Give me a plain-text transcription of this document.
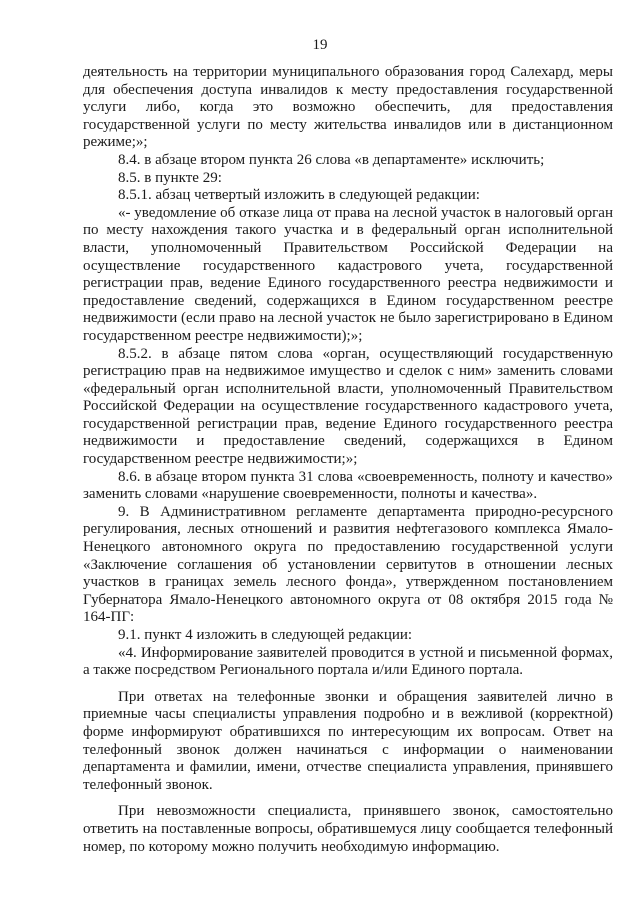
19

деятельность на территории муниципального образования город Салехард, меры для обеспечения доступа инвалидов к месту предоставления государственной услуги либо, когда это возможно обеспечить, для предоставления государственной услуги по месту жительства инвалидов или в дистанционном режиме;»;

8.4. в абзаце втором пункта 26 слова «в департаменте» исключить;

8.5. в пункте 29:

8.5.1. абзац четвертый изложить в следующей редакции:

«- уведомление об отказе лица от права на лесной участок в налоговый орган по месту нахождения такого участка и в федеральный орган исполнительной власти, уполномоченный Правительством Российской Федерации на осуществление государственного кадастрового учета, государственной регистрации прав, ведение Единого государственного реестра недвижимости и предоставление сведений, содержащихся в Едином государственном реестре недвижимости (если право на лесной участок не было зарегистрировано в Едином государственном реестре недвижимости);»;

8.5.2. в абзаце пятом слова «орган, осуществляющий государственную регистрацию прав на недвижимое имущество и сделок с ним» заменить словами «федеральный орган исполнительной власти, уполномоченный Правительством Российской Федерации на осуществление государственного кадастрового учета, государственной регистрации прав, ведение Единого государственного реестра недвижимости и предоставление сведений, содержащихся в Едином государственном реестре недвижимости;»;

8.6. в абзаце втором пункта 31 слова «своевременность, полноту и качество» заменить словами «нарушение своевременности, полноты и качества».

9. В Административном регламенте департамента природно-ресурсного регулирования, лесных отношений и развития нефтегазового комплекса Ямало-Ненецкого автономного округа по предоставлению государственной услуги «Заключение соглашения об установлении сервитутов в отношении лесных участков в границах земель лесного фонда», утвержденном постановлением Губернатора Ямало-Ненецкого автономного округа от 08 октября 2015 года № 164-ПГ:

9.1. пункт 4 изложить в следующей редакции:

«4. Информирование заявителей проводится в устной и письменной формах, а также посредством Регионального портала и/или Единого портала.

При ответах на телефонные звонки и обращения заявителей лично в приемные часы специалисты управления подробно и в вежливой (корректной) форме информируют обратившихся по интересующим их вопросам. Ответ на телефонный звонок должен начинаться с информации о наименовании департамента и фамилии, имени, отчестве специалиста управления, принявшего телефонный звонок.

При невозможности специалиста, принявшего звонок, самостоятельно ответить на поставленные вопросы, обратившемуся лицу сообщается телефонный номер, по которому можно получить необходимую информацию.
